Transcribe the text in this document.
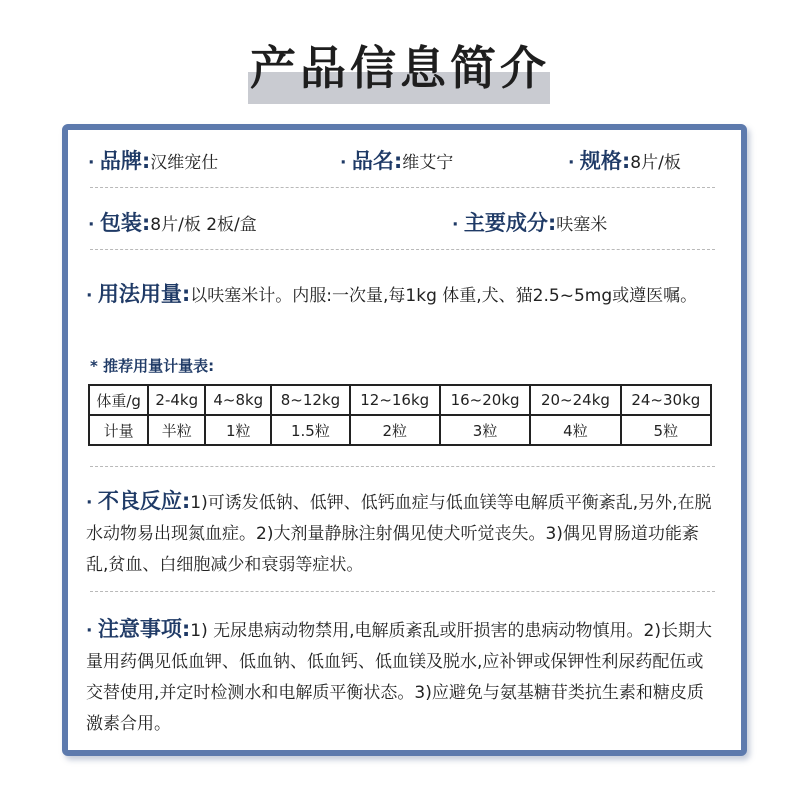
产品信息简介
· 品牌:汉维宠仕	· 品名:维艾宁	· 规格:8片/板
· 包装:8片/板 2板/盒	· 主要成分:呋塞米
· 用法用量:以呋塞米计。内服:一次量,每1kg 体重,犬、猫2.5~5mg或遵医嘱。
* 推荐用量计量表:
体重/g	2-4kg	4~8kg	8~12kg	12~16kg	16~20kg	20~24kg	24~30kg
计量	半粒	1粒	1.5粒	2粒	3粒	4粒	5粒
· 不良反应:1)可诱发低钠、低钾、低钙血症与低血镁等电解质平衡紊乱,另外,在脱水动物易出现氮血症。2)大剂量静脉注射偶见使犬听觉丧失。3)偶见胃肠道功能紊乱,贫血、白细胞减少和衰弱等症状。
· 注意事项:1) 无尿患病动物禁用,电解质紊乱或肝损害的患病动物慎用。2)长期大量用药偶见低血钾、低血钠、低血钙、低血镁及脱水,应补钾或保钾性利尿药配伍或交替使用,并定时检测水和电解质平衡状态。3)应避免与氨基糖苷类抗生素和糖皮质激素合用。
